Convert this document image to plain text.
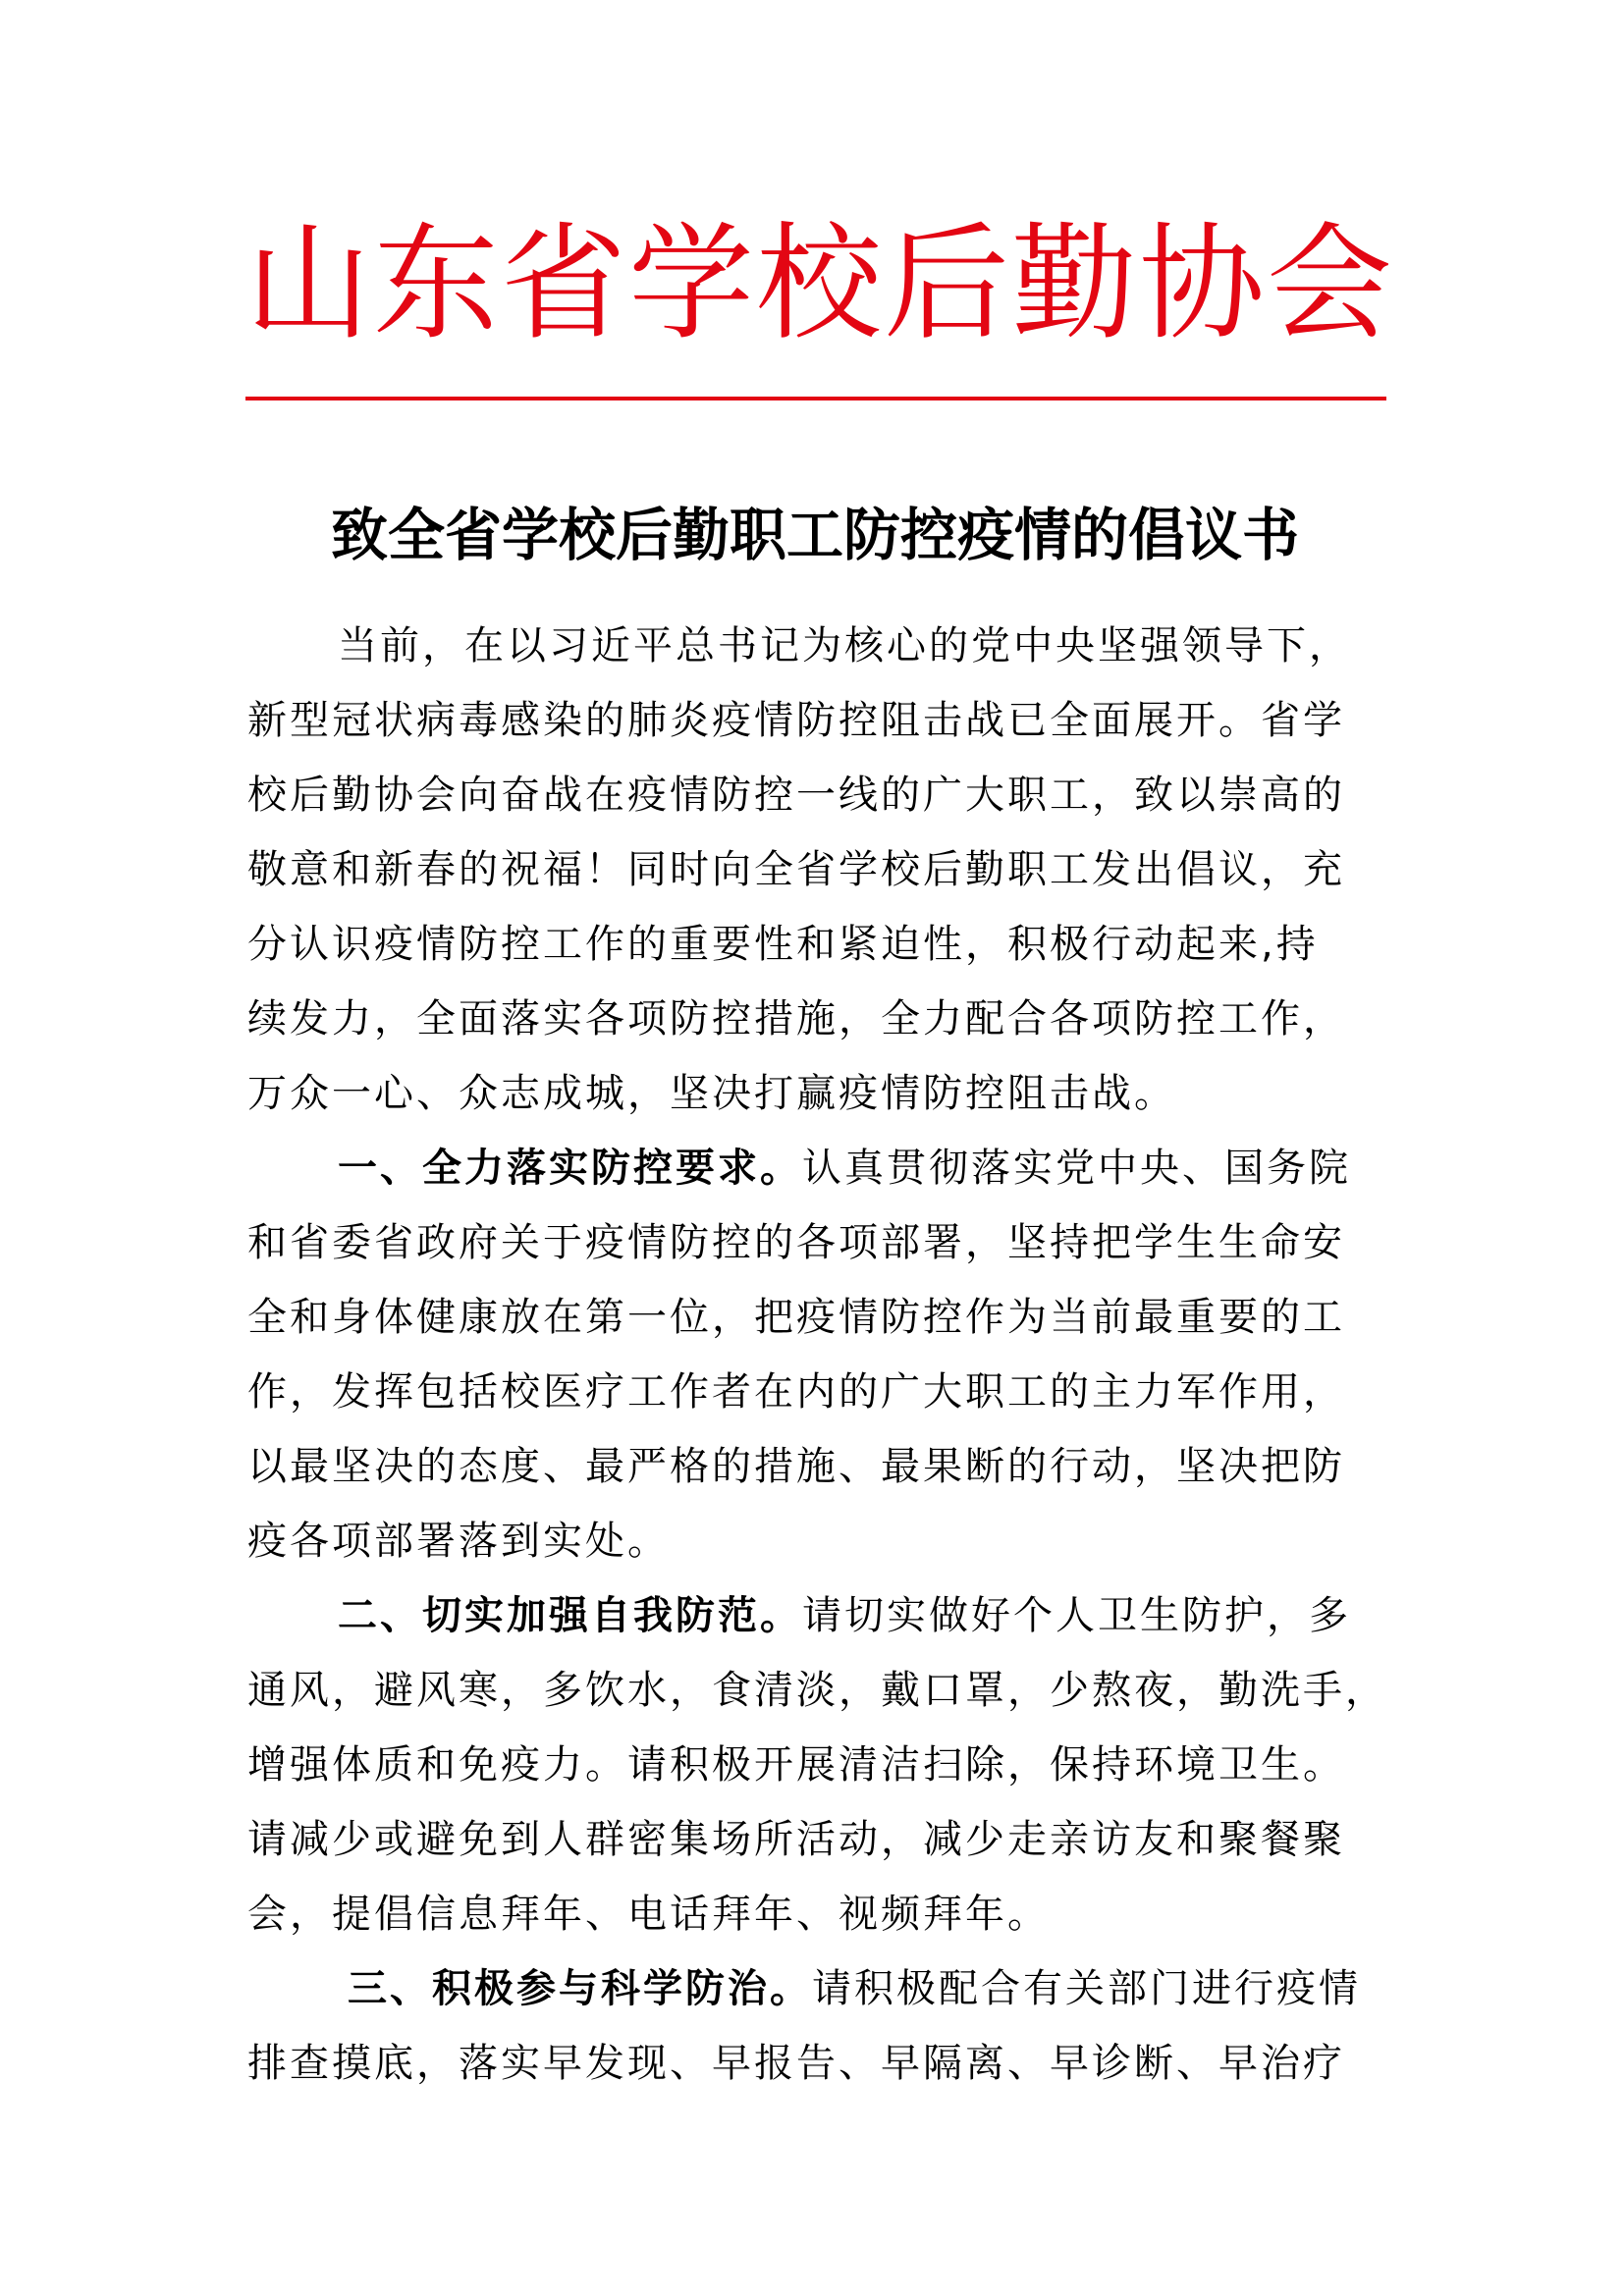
山东省学校后勤协会
致全省学校后勤职工防控疫情的倡议书

当前，在以习近平总书记为核心的党中央坚强领导下，
新型冠状病毒感染的肺炎疫情防控阻击战已全面展开。省学
校后勤协会向奋战在疫情防控一线的广大职工，致以崇高的
敬意和新春的祝福！同时向全省学校后勤职工发出倡议，充
分认识疫情防控工作的重要性和紧迫性，积极行动起来,持
续发力，全面落实各项防控措施，全力配合各项防控工作，
万众一心、众志成城，坚决打赢疫情防控阻击战。

一、全力落实防控要求。认真贯彻落实党中央、国务院
和省委省政府关于疫情防控的各项部署，坚持把学生生命安
全和身体健康放在第一位，把疫情防控作为当前最重要的工
作，发挥包括校医疗工作者在内的广大职工的主力军作用，
以最坚决的态度、最严格的措施、最果断的行动，坚决把防
疫各项部署落到实处。

二、切实加强自我防范。请切实做好个人卫生防护，多
通风，避风寒，多饮水，食清淡，戴口罩，少熬夜，勤洗手，
增强体质和免疫力。请积极开展清洁扫除，保持环境卫生。
请减少或避免到人群密集场所活动，减少走亲访友和聚餐聚
会，提倡信息拜年、电话拜年、视频拜年。

三、积极参与科学防治。请积极配合有关部门进行疫情
排查摸底，落实早发现、早报告、早隔离、早诊断、早治疗
